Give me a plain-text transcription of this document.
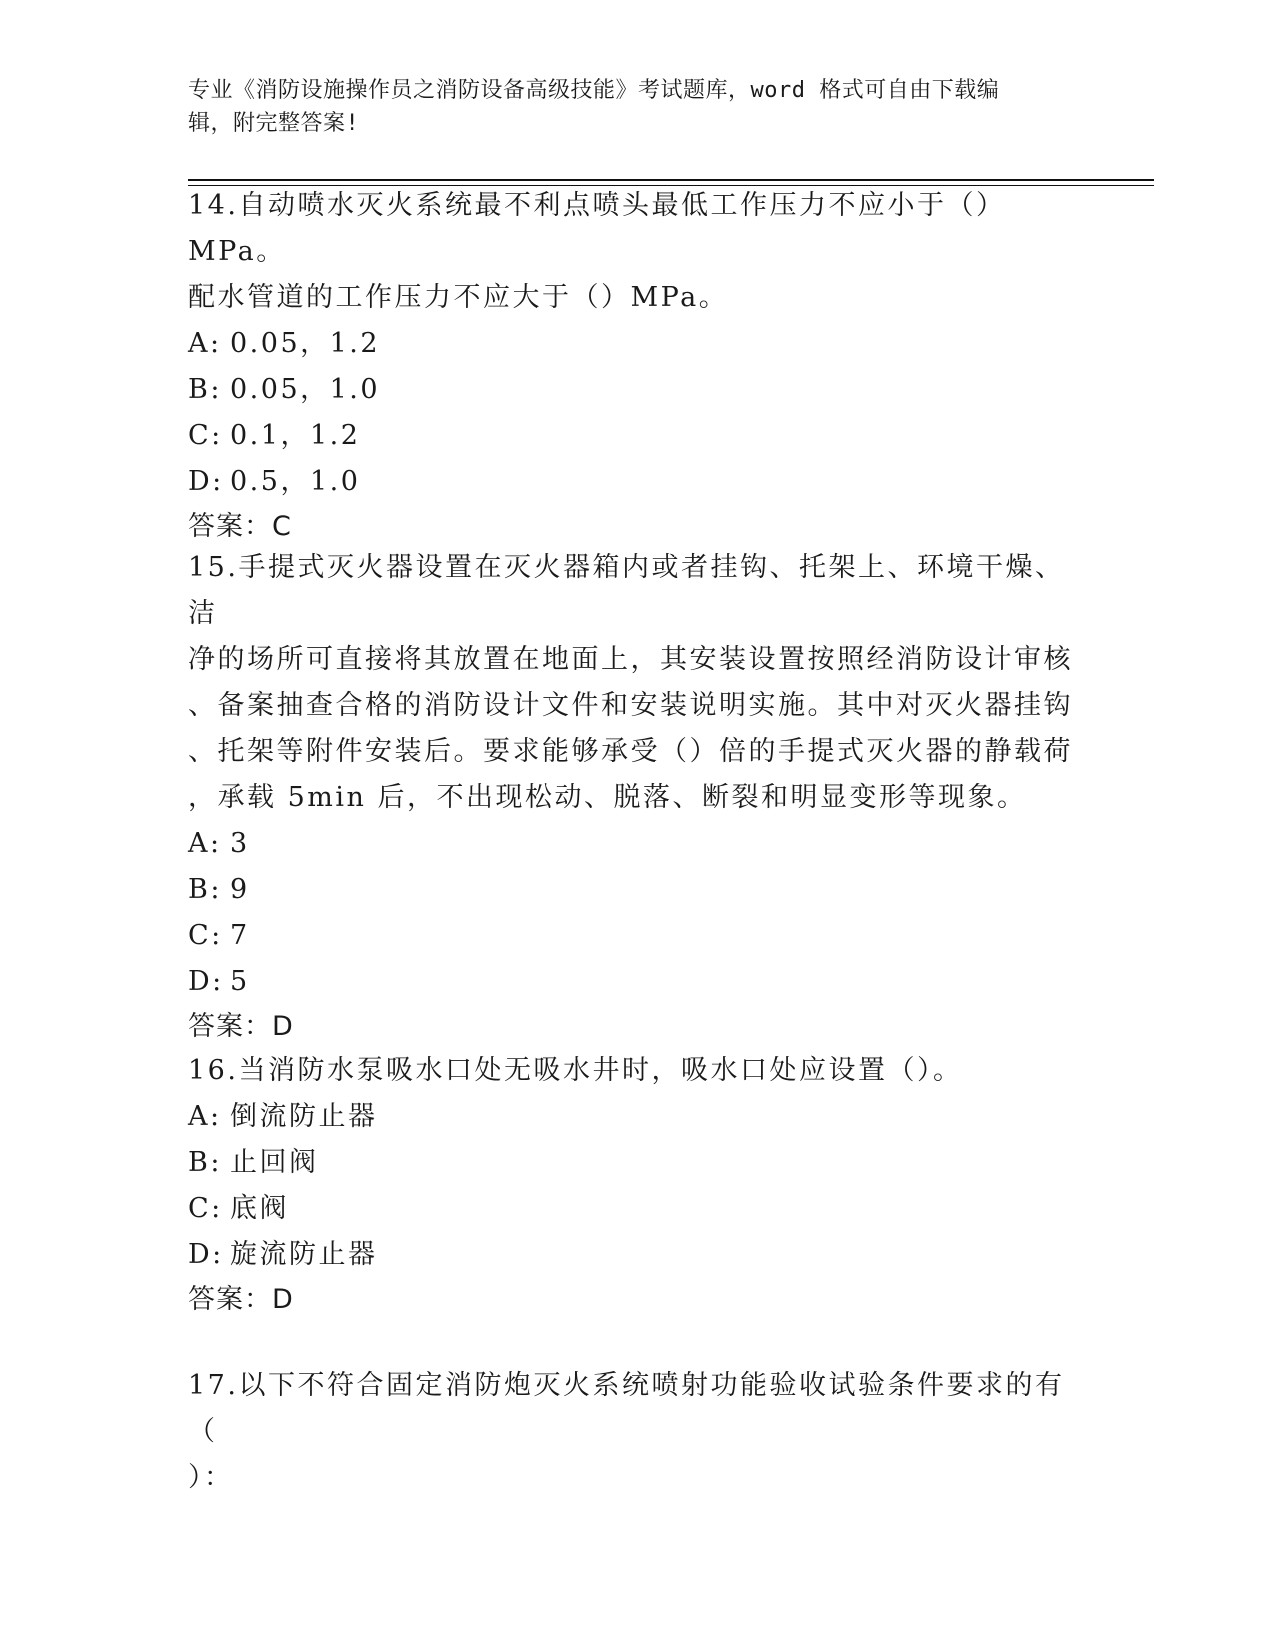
专业《消防设施操作员之消防设备高级技能》考试题库，word 格式可自由下载编
辑，附完整答案!

14.自动喷水灭火系统最不利点喷头最低工作压力不应小于（）MPa。

配水管道的工作压力不应大于（）MPa。

A: 0.05，1.2

B: 0.05，1.0

C: 0.1，1.2

D: 0.5，1.0

答案：C

15.手提式灭火器设置在灭火器箱内或者挂钩、托架上、环境干燥、洁

净的场所可直接将其放置在地面上，其安装设置按照经消防设计审核

、备案抽查合格的消防设计文件和安装说明实施。其中对灭火器挂钩

、托架等附件安装后。要求能够承受（）倍的手提式灭火器的静载荷

，承载 5min 后，不出现松动、脱落、断裂和明显变形等现象。

A: 3

B: 9

C: 7

D: 5

答案：D

16.当消防水泵吸水口处无吸水井时，吸水口处应设置（）。

A: 倒流防止器

B: 止回阀

C: 底阀

D: 旋流防止器

答案：D

17.以下不符合固定消防炮灭火系统喷射功能验收试验条件要求的有（

）：
